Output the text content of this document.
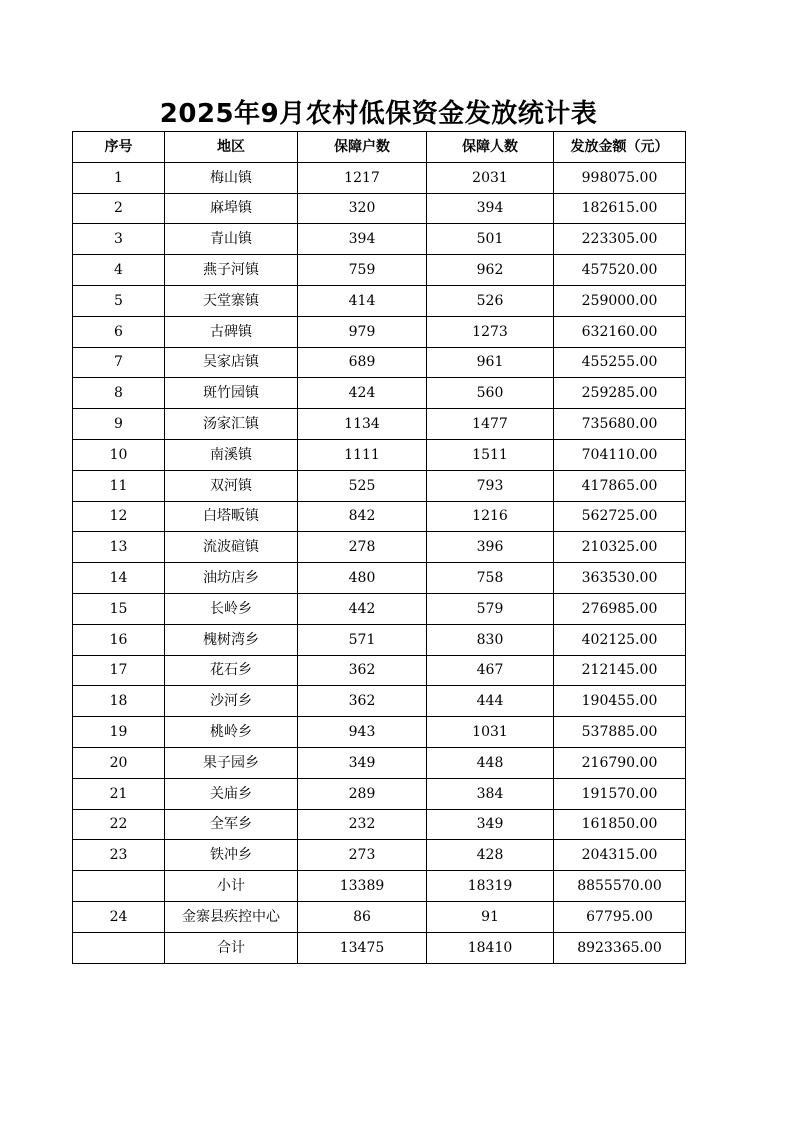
2025年9月农村低保资金发放统计表
序号	地区	保障户数	保障人数	发放金额（元）
1	梅山镇	1217	2031	998075.00
2	麻埠镇	320	394	182615.00
3	青山镇	394	501	223305.00
4	燕子河镇	759	962	457520.00
5	天堂寨镇	414	526	259000.00
6	古碑镇	979	1273	632160.00
7	吴家店镇	689	961	455255.00
8	斑竹园镇	424	560	259285.00
9	汤家汇镇	1134	1477	735680.00
10	南溪镇	1111	1511	704110.00
11	双河镇	525	793	417865.00
12	白塔畈镇	842	1216	562725.00
13	流波碹镇	278	396	210325.00
14	油坊店乡	480	758	363530.00
15	长岭乡	442	579	276985.00
16	槐树湾乡	571	830	402125.00
17	花石乡	362	467	212145.00
18	沙河乡	362	444	190455.00
19	桃岭乡	943	1031	537885.00
20	果子园乡	349	448	216790.00
21	关庙乡	289	384	191570.00
22	全军乡	232	349	161850.00
23	铁冲乡	273	428	204315.00
	小计	13389	18319	8855570.00
24	金寨县疾控中心	86	91	67795.00
	合计	13475	18410	8923365.00
